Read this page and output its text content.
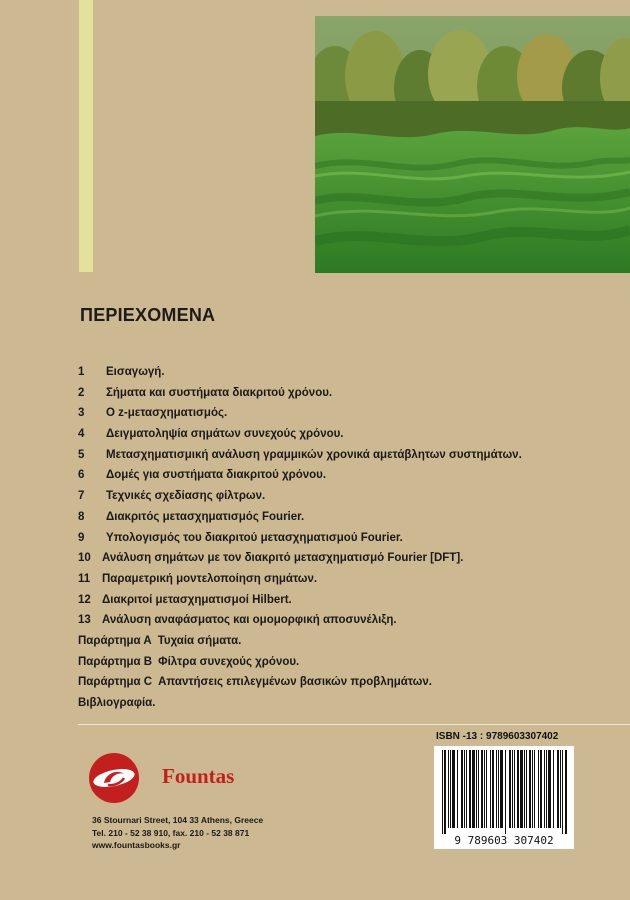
ΠΕΡΙΕΧΟΜΕΝΑ
1 Εισαγωγή.
2 Σήματα και συστήματα διακριτού χρόνου.
3 Ο z-μετασχηματισμός.
4 Δειγματοληψία σημάτων συνεχούς χρόνου.
5 Μετασχηματισμική ανάλυση γραμμικών χρονικά αμετάβλητων συστημάτων.
6 Δομές για συστήματα διακριτού χρόνου.
7 Τεχνικές σχεδίασης φίλτρων.
8 Διακριτός μετασχηματισμός Fourier.
9 Υπολογισμός του διακριτού μετασχηματισμού Fourier.
10 Ανάλυση σημάτων με τον διακριτό μετασχηματισμό Fourier [DFT].
11 Παραμετρική μοντελοποίηση σημάτων.
12 Διακριτοί μετασχηματισμοί Hilbert.
13 Ανάλυση αναφάσματος και ομομορφική αποσυνέλιξη.
Παράρτημα Α Τυχαία σήματα.
Παράρτημα Β Φίλτρα συνεχούς χρόνου.
Παράρτημα C Απαντήσεις επιλεγμένων βασικών προβλημάτων.
Βιβλιογραφία.
ISBN -13 : 9789603307402
9 789603 307402
Fountas
36 Stournari Street, 104 33 Athens, Greece
Tel. 210 - 52 38 910, fax. 210 - 52 38 871
www.fountasbooks.gr
